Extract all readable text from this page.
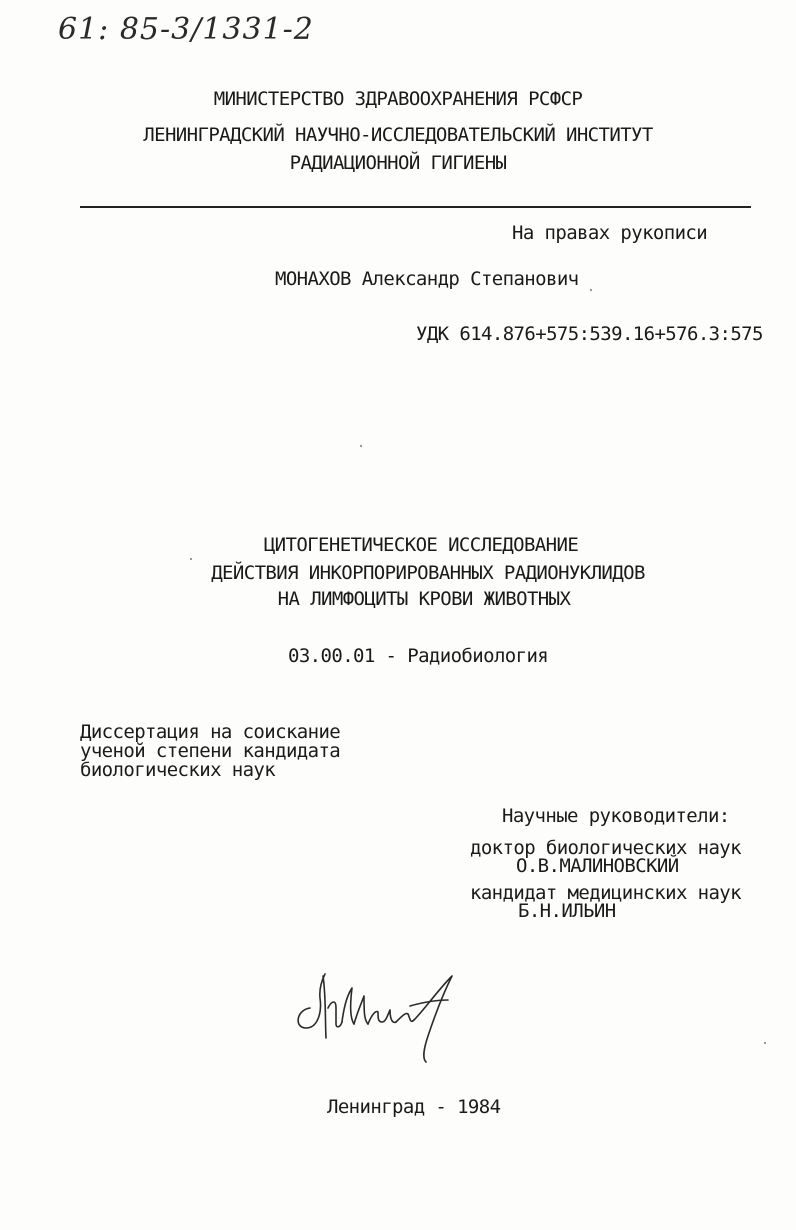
61: 85-3/1331-2
МИНИСТЕРСТВО ЗДРАВООХРАНЕНИЯ РСФСР
ЛЕНИНГРАДСКИЙ НАУЧНО-ИССЛЕДОВАТЕЛЬСКИЙ ИНСТИТУТ
РАДИАЦИОННОЙ ГИГИЕНЫ
На правах рукописи
МОНАХОВ Александр Степанович
УДК 614.876+575:539.16+576.3:575
ЦИТОГЕНЕТИЧЕСКОЕ ИССЛЕДОВАНИЕ
ДЕЙСТВИЯ ИНКОРПОРИРОВАННЫХ РАДИОНУКЛИДОВ
НА ЛИМФОЦИТЫ КРОВИ ЖИВОТНЫХ
03.00.01 - Радиобиология
Диссертация на соискание
ученой степени кандидата
биологических наук
Научные руководители:
доктор биологических наук
О.В.МАЛИНОВСКИЙ
кандидат медицинских наук
Б.Н.ИЛЬИН
Ленинград - 1984
